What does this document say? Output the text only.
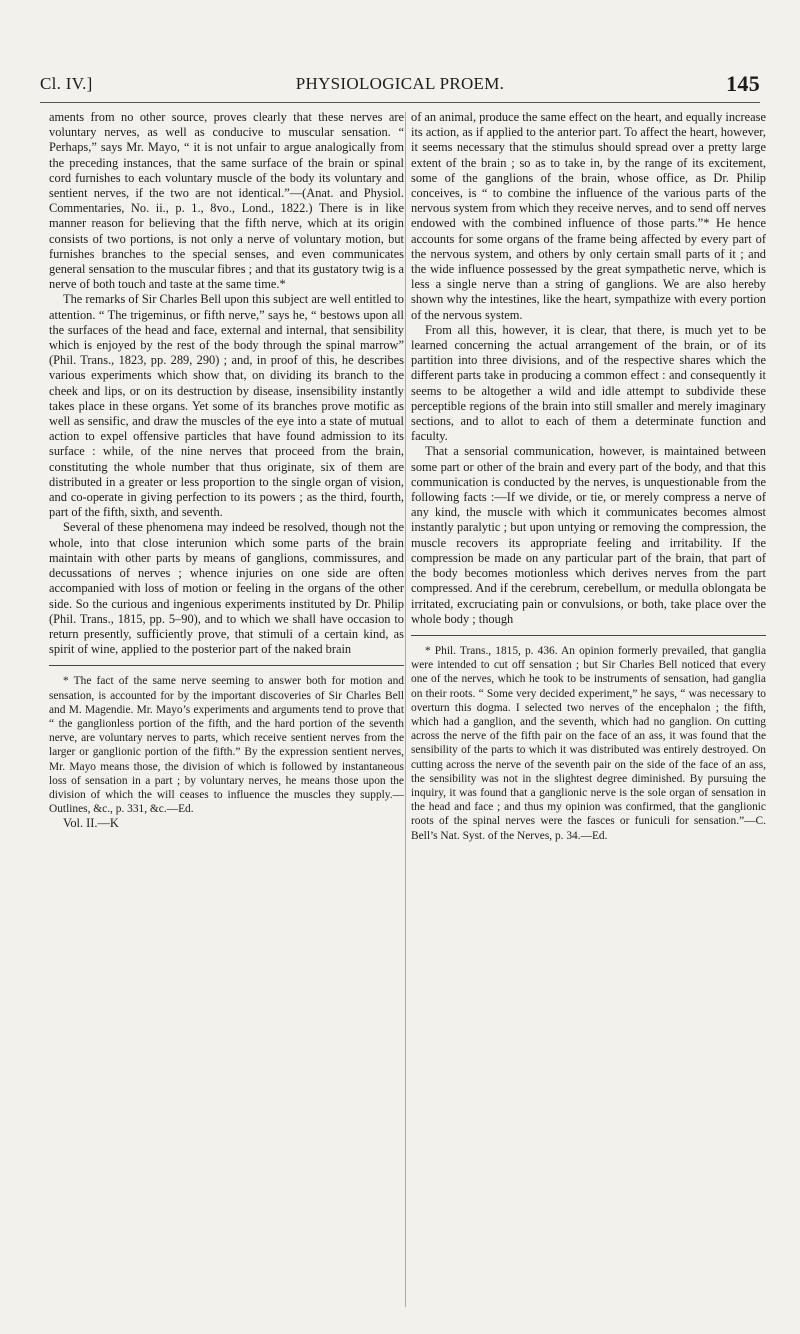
Cl. IV.]	PHYSIOLOGICAL PROEM.	145

aments from no other source, proves clearly that these nerves are voluntary nerves, as well as conducive to muscular sensation. “ Perhaps,” says Mr. Mayo, “ it is not unfair to argue analogically from the preceding instances, that the same surface of the brain or spinal cord furnishes to each voluntary muscle of the body its voluntary and sentient nerves, if the two are not identical.”—(Anat. and Physiol. Commentaries, No. ii., p. 1., 8vo., Lond., 1822.) There is in like manner reason for believing that the fifth nerve, which at its origin consists of two portions, is not only a nerve of voluntary motion, but furnishes branches to the special senses, and even communicates general sensation to the muscular fibres ; and that its gustatory twig is a nerve of both touch and taste at the same time.*

The remarks of Sir Charles Bell upon this subject are well entitled to attention. “ The trigeminus, or fifth nerve,” says he, “ bestows upon all the surfaces of the head and face, external and internal, that sensibility which is enjoyed by the rest of the body through the spinal marrow” (Phil. Trans., 1823, pp. 289, 290) ; and, in proof of this, he describes various experiments which show that, on dividing its branch to the cheek and lips, or on its destruction by disease, insensibility instantly takes place in these organs. Yet some of its branches prove motific as well as sensific, and draw the muscles of the eye into a state of mutual action to expel offensive particles that have found admission to its surface : while, of the nine nerves that proceed from the brain, constituting the whole number that thus originate, six of them are distributed in a greater or less proportion to the single organ of vision, and co-operate in giving perfection to its powers ; as the third, fourth, part of the fifth, sixth, and seventh.

Several of these phenomena may indeed be resolved, though not the whole, into that close interunion which some parts of the brain maintain with other parts by means of ganglions, commissures, and decussations of nerves ; whence injuries on one side are often accompanied with loss of motion or feeling in the organs of the other side. So the curious and ingenious experiments instituted by Dr. Philip (Phil. Trans., 1815, pp. 5–90), and to which we shall have occasion to return presently, sufficiently prove, that stimuli of a certain kind, as spirit of wine, applied to the posterior part of the naked brain

* The fact of the same nerve seeming to answer both for motion and sensation, is accounted for by the important discoveries of Sir Charles Bell and M. Magendie. Mr. Mayo’s experiments and arguments tend to prove that “ the ganglionless portion of the fifth, and the hard portion of the seventh nerve, are voluntary nerves to parts, which receive sentient nerves from the larger or ganglionic portion of the fifth.” By the expression sentient nerves, Mr. Mayo means those, the division of which is followed by instantaneous loss of sensation in a part ; by voluntary nerves, he means those upon the division of which the will ceases to influence the muscles they supply.—Outlines, &c., p. 331, &c.—Ed.

Vol. II.—K

of an animal, produce the same effect on the heart, and equally increase its action, as if applied to the anterior part. To affect the heart, however, it seems necessary that the stimulus should spread over a pretty large extent of the brain ; so as to take in, by the range of its excitement, some of the ganglions of the brain, whose office, as Dr. Philip conceives, is “ to combine the influence of the various parts of the nervous system from which they receive nerves, and to send off nerves endowed with the combined influence of those parts.”* He hence accounts for some organs of the frame being affected by every part of the nervous system, and others by only certain small parts of it ; and the wide influence possessed by the great sympathetic nerve, which is less a single nerve than a string of ganglions. We are also hereby shown why the intestines, like the heart, sympathize with every portion of the nervous system.

From all this, however, it is clear, that there, is much yet to be learned concerning the actual arrangement of the brain, or of its partition into three divisions, and of the respective shares which the different parts take in producing a common effect : and consequently it seems to be altogether a wild and idle attempt to subdivide these perceptible regions of the brain into still smaller and merely imaginary sections, and to allot to each of them a determinate function and faculty.

That a sensorial communication, however, is maintained between some part or other of the brain and every part of the body, and that this communication is conducted by the nerves, is unquestionable from the following facts :—If we divide, or tie, or merely compress a nerve of any kind, the muscle with which it communicates becomes almost instantly paralytic ; but upon untying or removing the compression, the muscle recovers its appropriate feeling and irritability. If the compression be made on any particular part of the brain, that part of the body becomes motionless which derives nerves from the part compressed. And if the cerebrum, cerebellum, or medulla oblongata be irritated, excruciating pain or convulsions, or both, take place over the whole body ; though

* Phil. Trans., 1815, p. 436. An opinion formerly prevailed, that ganglia were intended to cut off sensation ; but Sir Charles Bell noticed that every one of the nerves, which he took to be instruments of sensation, had ganglia on their roots. “ Some very decided experiment,” he says, “ was necessary to overturn this dogma. I selected two nerves of the encephalon ; the fifth, which had a ganglion, and the seventh, which had no ganglion. On cutting across the nerve of the fifth pair on the face of an ass, it was found that the sensibility of the parts to which it was distributed was entirely destroyed. On cutting across the nerve of the seventh pair on the side of the face of an ass, the sensibility was not in the slightest degree diminished. By pursuing the inquiry, it was found that a ganglionic nerve is the sole organ of sensation in the head and face ; and thus my opinion was confirmed, that the ganglionic roots of the spinal nerves were the fasces or funiculi for sensation.”—C. Bell’s Nat. Syst. of the Nerves, p. 34.—Ed.
